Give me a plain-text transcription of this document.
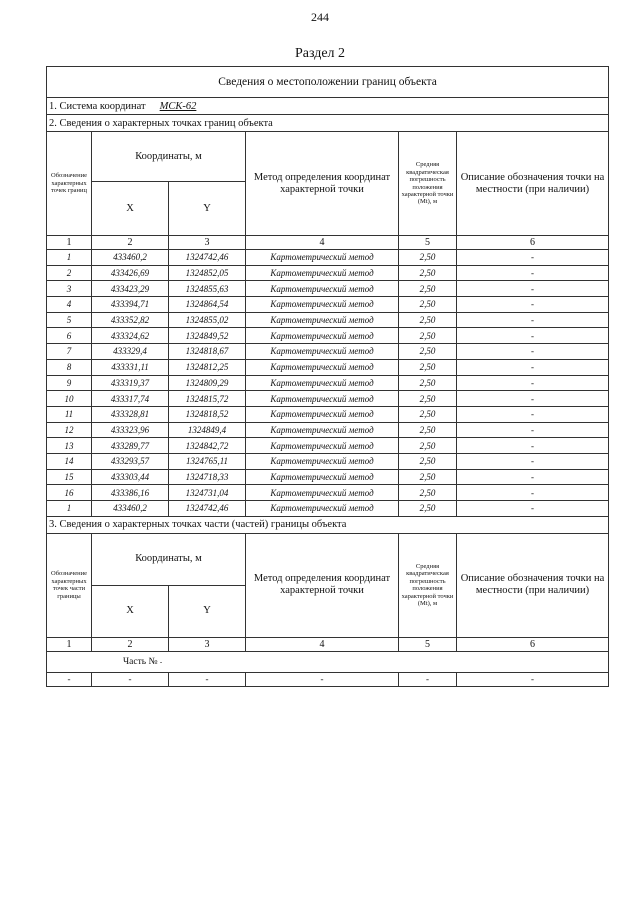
244
Раздел 2
Сведения о местоположении границ объекта					
1. Система координат МСК-62					
2. Сведения о характерных точках границ объекта					
Обозначение характерных точек границ	Координаты, м		Метод определения координат характерной точки	Средняя квадратическая погрешность положения характерной точки (Mt), м	Описание обозначения точки на местности (при наличии)
	X	Y			
1	2	3	4	5	6
1	433460,2	1324742,46	Картометрический метод	2,50	-
2	433426,69	1324852,05	Картометрический метод	2,50	-
3	433423,29	1324855,63	Картометрический метод	2,50	-
4	433394,71	1324864,54	Картометрический метод	2,50	-
5	433352,82	1324855,02	Картометрический метод	2,50	-
6	433324,62	1324849,52	Картометрический метод	2,50	-
7	433329,4	1324818,67	Картометрический метод	2,50	-
8	433331,11	1324812,25	Картометрический метод	2,50	-
9	433319,37	1324809,29	Картометрический метод	2,50	-
10	433317,74	1324815,72	Картометрический метод	2,50	-
11	433328,81	1324818,52	Картометрический метод	2,50	-
12	433323,96	1324849,4	Картометрический метод	2,50	-
13	433289,77	1324842,72	Картометрический метод	2,50	-
14	433293,57	1324765,11	Картометрический метод	2,50	-
15	433303,44	1324718,33	Картометрический метод	2,50	-
16	433386,16	1324731,04	Картометрический метод	2,50	-
1	433460,2	1324742,46	Картометрический метод	2,50	-
3. Сведения о характерных точках части (частей) границы объекта					
Обозначение характерных точек части границы	Координаты, м		Метод определения координат характерной точки	Средняя квадратическая погрешность положения характерной точки (Mt), м	Описание обозначения точки на местности (при наличии)
	X	Y			
1	2	3	4	5	6
Часть № -					
-	-	-	-	-	-
